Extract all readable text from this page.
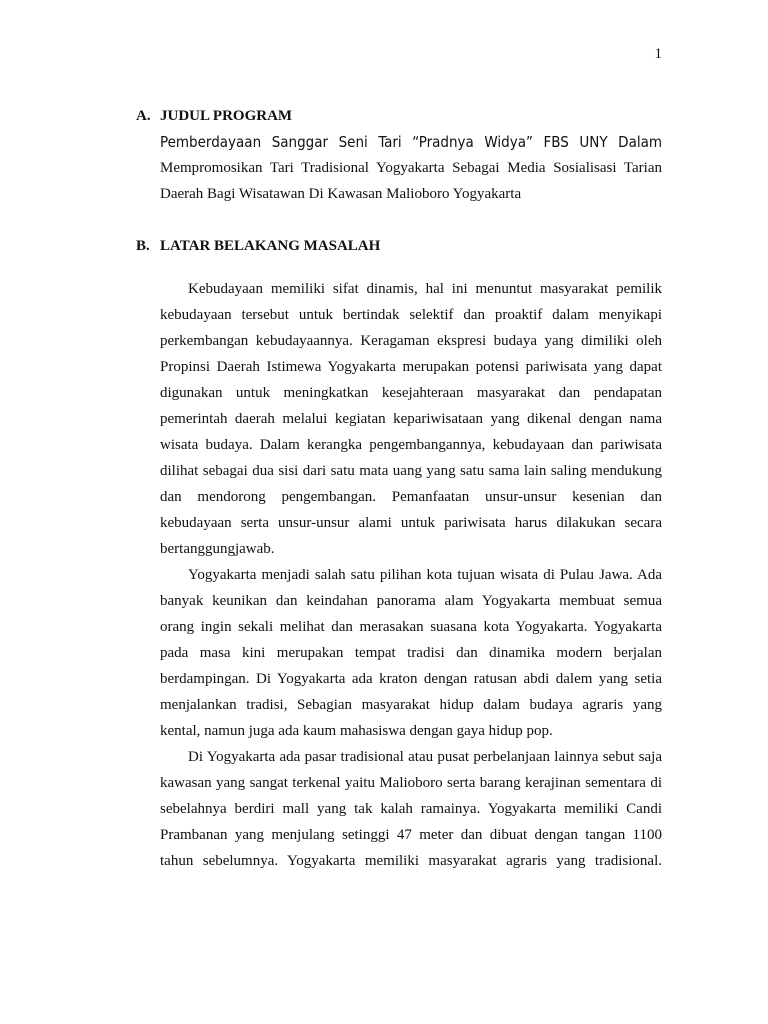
1
A. JUDUL PROGRAM
Pemberdayaan Sanggar Seni Tari “Pradnya Widya” FBS UNY Dalam
Mempromosikan Tari Tradisional Yogyakarta Sebagai Media Sosialisasi Tarian
Daerah Bagi Wisatawan Di Kawasan Malioboro Yogyakarta
B. LATAR BELAKANG MASALAH
Kebudayaan memiliki sifat dinamis, hal ini menuntut masyarakat pemilik
kebudayaan tersebut untuk bertindak selektif dan proaktif dalam menyikapi
perkembangan kebudayaannya. Keragaman ekspresi budaya yang dimiliki oleh
Propinsi Daerah Istimewa Yogyakarta merupakan potensi pariwisata yang dapat
digunakan untuk meningkatkan kesejahteraan masyarakat dan pendapatan
pemerintah daerah melalui kegiatan kepariwisataan yang dikenal dengan nama
wisata budaya. Dalam kerangka pengembangannya, kebudayaan dan pariwisata
dilihat sebagai dua sisi dari satu mata uang yang satu sama lain saling mendukung
dan mendorong pengembangan. Pemanfaatan unsur-unsur kesenian dan
kebudayaan serta unsur-unsur alami untuk pariwisata harus dilakukan secara
bertanggungjawab.
Yogyakarta menjadi salah satu pilihan kota tujuan wisata di Pulau Jawa. Ada
banyak keunikan dan keindahan panorama alam Yogyakarta membuat semua
orang ingin sekali melihat dan merasakan suasana kota Yogyakarta. Yogyakarta
pada masa kini merupakan tempat tradisi dan dinamika modern berjalan
berdampingan. Di Yogyakarta ada kraton dengan ratusan abdi dalem yang setia
menjalankan tradisi, Sebagian masyarakat hidup dalam budaya agraris yang
kental, namun juga ada kaum mahasiswa dengan gaya hidup pop.
Di Yogyakarta ada pasar tradisional atau pusat perbelanjaan lainnya sebut saja
kawasan yang sangat terkenal yaitu Malioboro serta barang kerajinan sementara di
sebelahnya berdiri mall yang tak kalah ramainya. Yogyakarta memiliki Candi
Prambanan yang menjulang setinggi 47 meter dan dibuat dengan tangan 1100
tahun sebelumnya. Yogyakarta memiliki masyarakat agraris yang tradisional.
